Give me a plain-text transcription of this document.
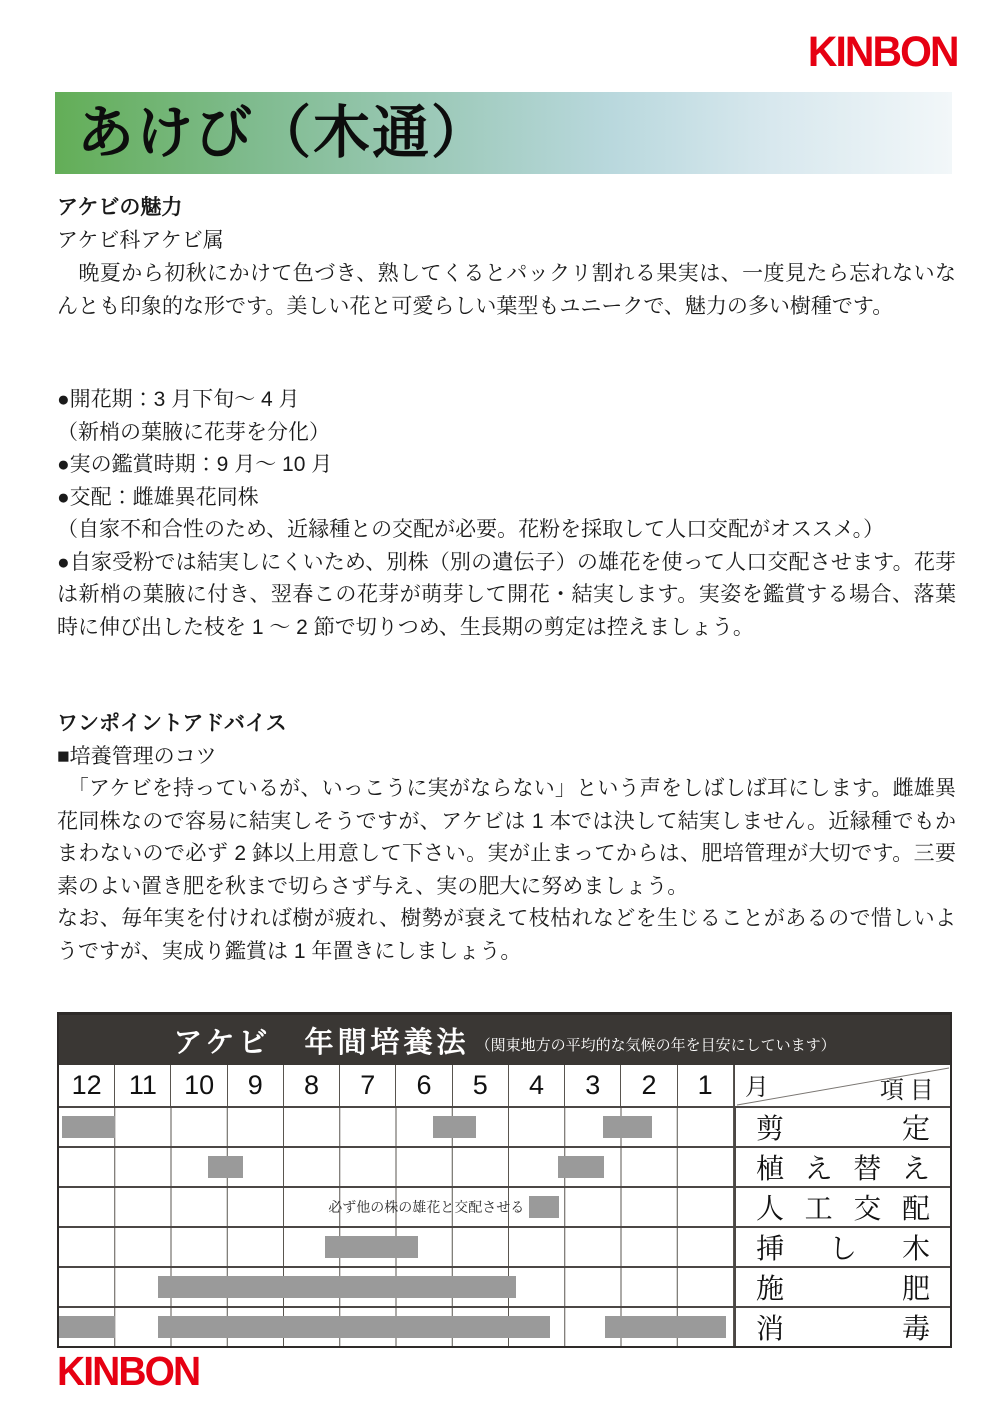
KINBON
あけび（木通）
アケビの魅力
アケビ科アケビ属
　晩夏から初秋にかけて色づき、熟してくるとパックリ割れる果実は、一度見たら忘れないなんとも印象的な形です。美しい花と可愛らしい葉型もユニークで、魅力の多い樹種です。

●開花期：3 月下旬～ 4 月

（新梢の葉腋に花芽を分化）

●実の鑑賞時期：9 月～ 10 月

●交配：雌雄異花同株

（自家不和合性のため、近縁種との交配が必要。花粉を採取して人口交配がオススメ。）

●自家受粉では結実しにくいため、別株（別の遺伝子）の雄花を使って人口交配させます。花芽は新梢の葉腋に付き、翌春この花芽が萌芽して開花・結実します。実姿を鑑賞する場合、落葉時に伸び出した枝を 1 ～ 2 節で切りつめ、生長期の剪定は控えましょう。

ワンポイントアドバイス
■培養管理のコツ

　「アケビを持っているが、いっこうに実がならない」という声をしばしば耳にします。雌雄異花同株なので容易に結実しそうですが、アケビは 1 本では決して結実しません。近縁種でもかまわないので必ず 2 鉢以上用意して下さい。実が止まってからは、肥培管理が大切です。三要素のよい置き肥を秋まで切らさず与え、実の肥大に努めましょう。

なお、毎年実を付ければ樹が疲れ、樹勢が衰えて枝枯れなどを生じることがあるので惜しいようですが、実成り鑑賞は 1 年置きにしましょう。

アケビ　年間培養法 （関東地方の平均的な気候の年を目安にしています）
12	11	10	9	8	7	6	5	4	3	2	1	月	項目
剪	定
植 え 替 え
必ず他の株の雄花と交配させる	人 工 交 配
挿 し 木
施	肥
消	毒
KINBON
